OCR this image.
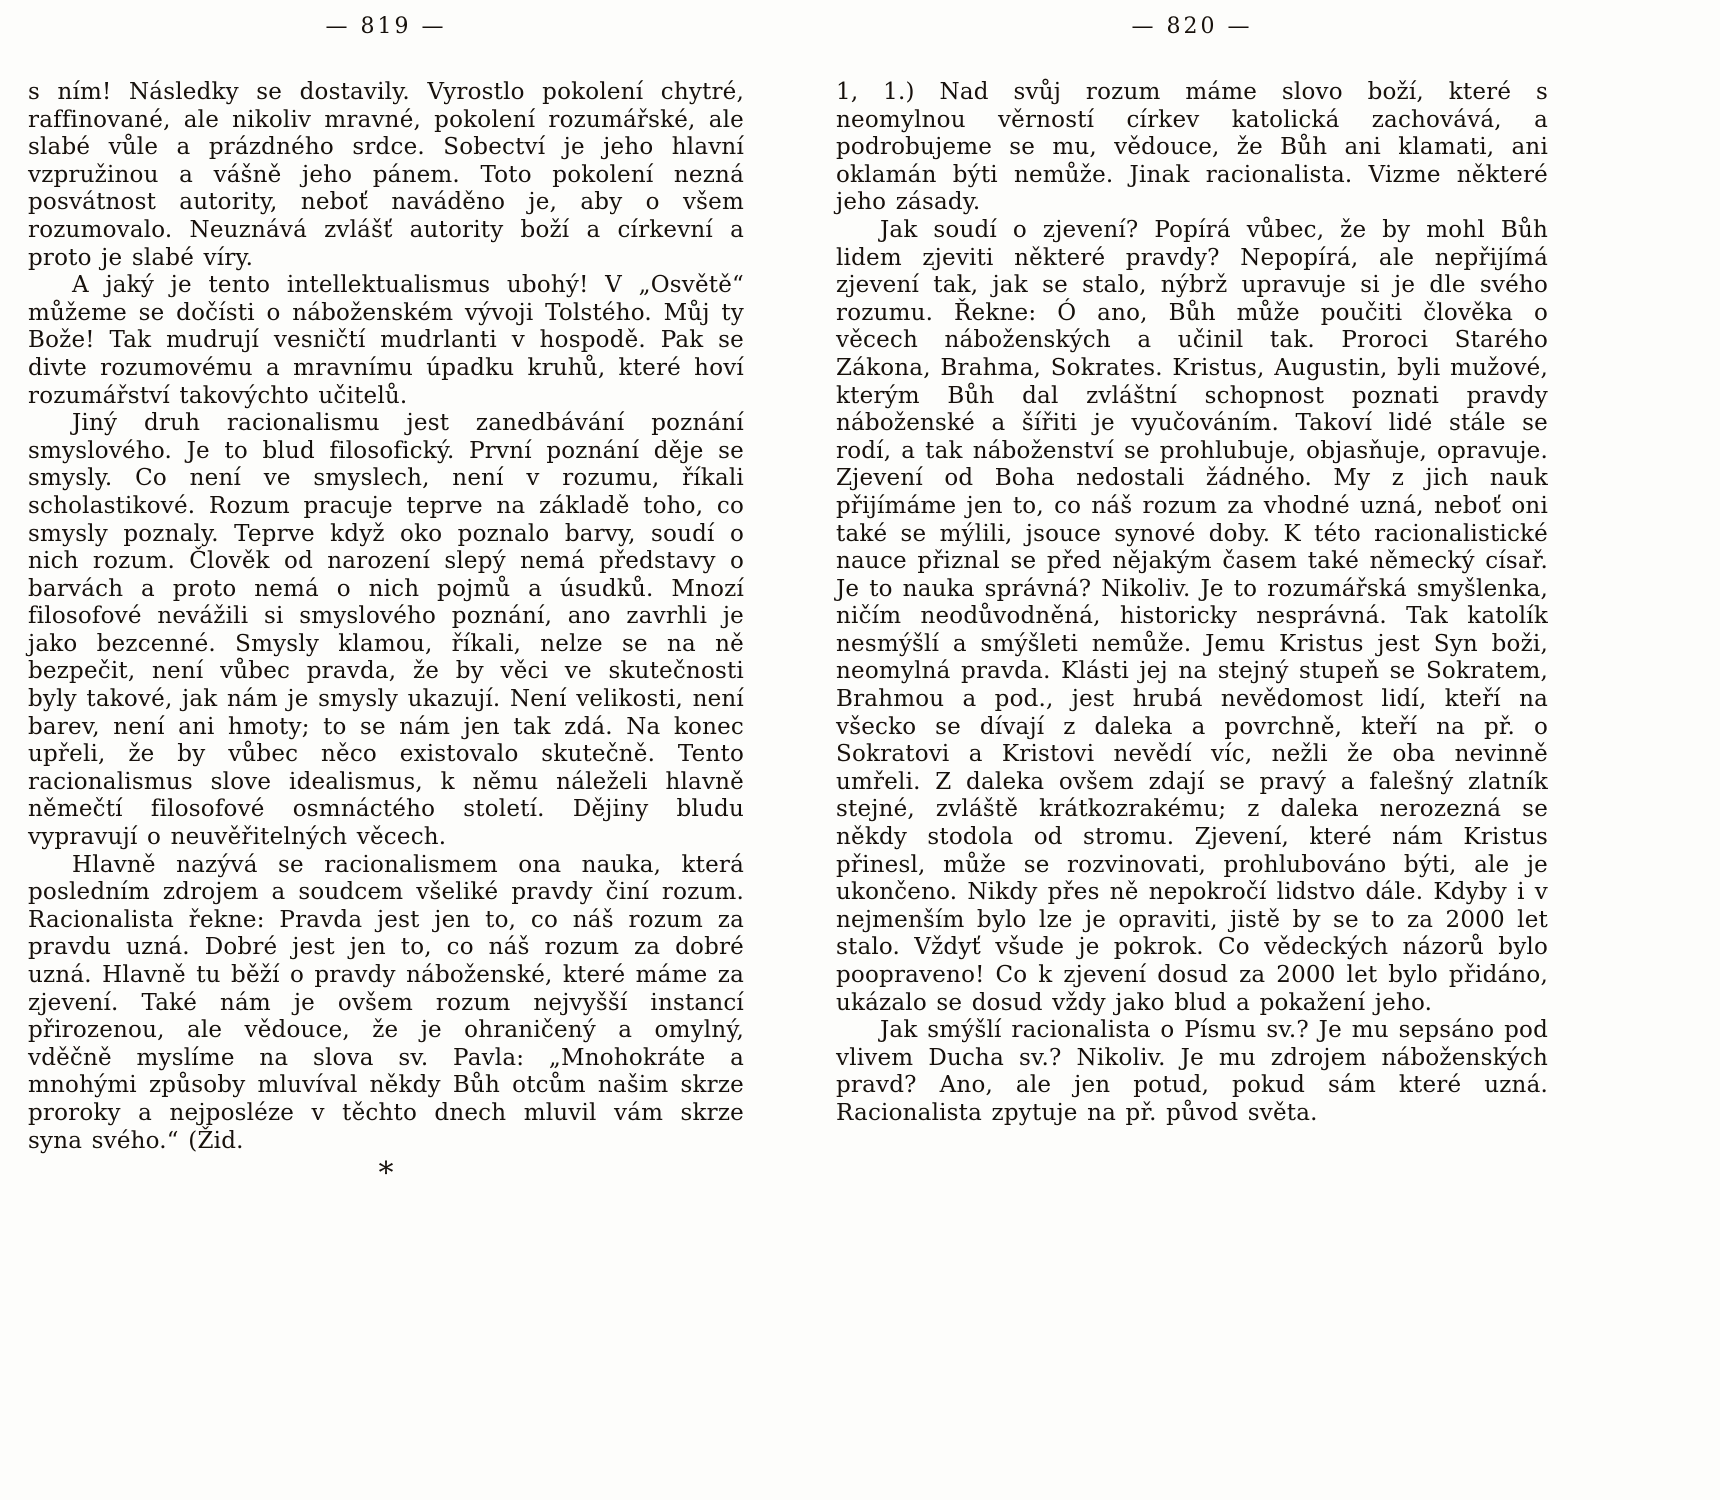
— 819 —

s ním! Následky se dostavily. Vyrostlo pokolení chytré, raffinované, ale nikoliv mravné, pokolení rozumářské, ale slabé vůle a prázdného srdce. Sobectví je jeho hlavní vzpružinou a vášně jeho pánem. Toto pokolení nezná posvátnost autority, neboť naváděno je, aby o všem rozumovalo. Neuznává zvlášť autority boží a církevní a proto je slabé víry.

A jaký je tento intellektualismus ubohý! V „Osvětě“ můžeme se dočísti o náboženském vývoji Tolstého. Můj ty Bože! Tak mudrují vesničtí mudrlanti v hospodě. Pak se divte rozumovému a mravnímu úpadku kruhů, které hoví rozumářství takovýchto učitelů.

Jiný druh racionalismu jest zanedbávání poznání smyslového. Je to blud filosofický. První poznání děje se smysly. Co není ve smyslech, není v rozumu, říkali scholastikové. Rozum pracuje teprve na základě toho, co smysly poznaly. Teprve když oko poznalo barvy, soudí o nich rozum. Člověk od narození slepý nemá představy o barvách a proto nemá o nich pojmů a úsudků. Mnozí filosofové nevážili si smyslového poznání, ano zavrhli je jako bezcenné. Smysly klamou, říkali, nelze se na ně bezpečit, není vůbec pravda, že by věci ve skutečnosti byly takové, jak nám je smysly ukazují. Není velikosti, není barev, není ani hmoty; to se nám jen tak zdá. Na konec upřeli, že by vůbec něco existovalo skutečně. Tento racionalismus slove idealismus, k němu náleželi hlavně němečtí filosofové osmnáctého století. Dějiny bludu vypravují o neuvěřitelných věcech.

Hlavně nazývá se racionalismem ona nauka, která posledním zdrojem a soudcem všeliké pravdy činí rozum. Racionalista řekne: Pravda jest jen to, co náš rozum za pravdu uzná. Dobré jest jen to, co náš rozum za dobré uzná. Hlavně tu běží o pravdy náboženské, které máme za zjevení. Také nám je ovšem rozum nejvyšší instancí přirozenou, ale vědouce, že je ohraničený a omylný, vděčně myslíme na slova sv. Pavla: „Mnohokráte a mnohými způsoby mluvíval někdy Bůh otcům našim skrze proroky a nejposléze v těchto dnech mluvil vám skrze syna svého.“ (Žid.

*
— 820 —

1, 1.) Nad svůj rozum máme slovo boží, které s neomylnou věrností církev katolická zachovává, a podrobujeme se mu, vědouce, že Bůh ani klamati, ani oklamán býti nemůže. Jinak racionalista. Vizme některé jeho zásady.

Jak soudí o zjevení? Popírá vůbec, že by mohl Bůh lidem zjeviti některé pravdy? Nepopírá, ale nepřijímá zjevení tak, jak se stalo, nýbrž upravuje si je dle svého rozumu. Řekne: Ó ano, Bůh může poučiti člověka o věcech náboženských a učinil tak. Proroci Starého Zákona, Brahma, Sokrates. Kristus, Augustin, byli mužové, kterým Bůh dal zvláštní schopnost poznati pravdy náboženské a šířiti je vyučováním. Takoví lidé stále se rodí, a tak náboženství se prohlubuje, objasňuje, opravuje. Zjevení od Boha nedostali žádného. My z jich nauk přijímáme jen to, co náš rozum za vhodné uzná, neboť oni také se mýlili, jsouce synové doby. K této racionalistické nauce přiznal se před nějakým časem také německý císař. Je to nauka správná? Nikoliv. Je to rozumářská smyšlenka, ničím neodůvodněná, historicky nesprávná. Tak katolík nesmýšlí a smýšleti nemůže. Jemu Kristus jest Syn boži, neomylná pravda. Klásti jej na stejný stupeň se Sokratem, Brahmou a pod., jest hrubá nevědomost lidí, kteří na všecko se dívají z daleka a povrchně, kteří na př. o Sokratovi a Kristovi nevědí víc, nežli že oba nevinně umřeli. Z daleka ovšem zdají se pravý a falešný zlatník stejné, zvláště krátkozrakému; z daleka nerozezná se někdy stodola od stromu. Zjevení, které nám Kristus přinesl, může se rozvinovati, prohlubováno býti, ale je ukončeno. Nikdy přes ně nepokročí lidstvo dále. Kdyby i v nejmenším bylo lze je opraviti, jistě by se to za 2000 let stalo. Vždyť všude je pokrok. Co vědeckých názorů bylo poopraveno! Co k zjevení dosud za 2000 let bylo přidáno, ukázalo se dosud vždy jako blud a pokažení jeho.

Jak smýšlí racionalista o Písmu sv.? Je mu sepsáno pod vlivem Ducha sv.? Nikoliv. Je mu zdrojem náboženských pravd? Ano, ale jen potud, pokud sám které uzná. Racionalista zpytuje na př. původ světa.
